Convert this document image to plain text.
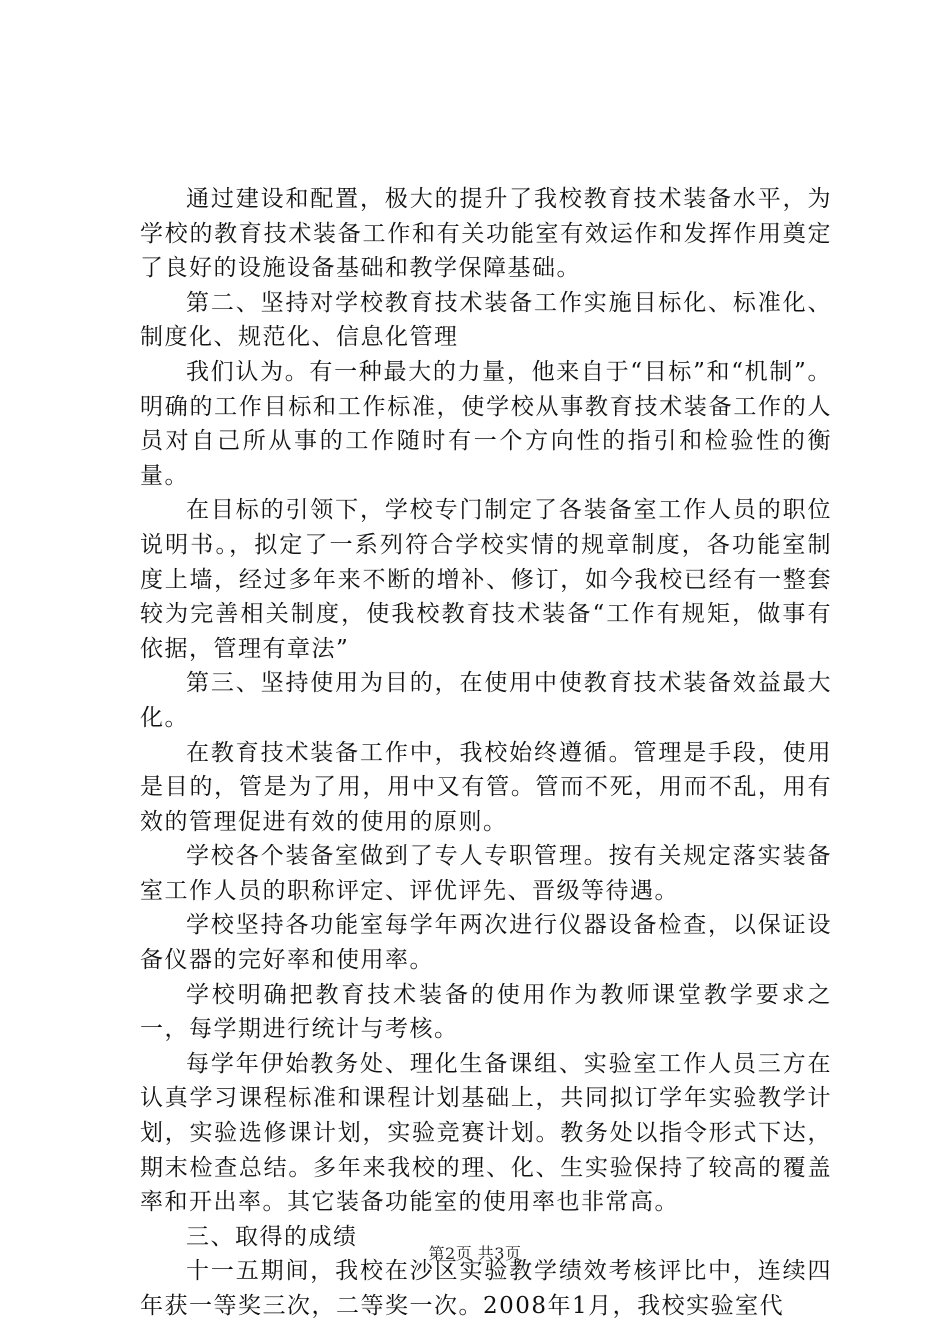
通过建设和配置，极大的提升了我校教育技术装备水平，为学校的教育技术装备工作和有关功能室有效运作和发挥作用奠定了良好的设施设备基础和教学保障基础。

第二、坚持对学校教育技术装备工作实施目标化、标准化、制度化、规范化、信息化管理

我们认为。有一种最大的力量，他来自于“目标”和“机制”。明确的工作目标和工作标准，使学校从事教育技术装备工作的人员对自己所从事的工作随时有一个方向性的指引和检验性的衡量。

在目标的引领下，学校专门制定了各装备室工作人员的职位说明书。，拟定了一系列符合学校实情的规章制度，各功能室制度上墙，经过多年来不断的增补、修订，如今我校已经有一整套较为完善相关制度，使我校教育技术装备“工作有规矩，做事有依据，管理有章法”

第三、坚持使用为目的，在使用中使教育技术装备效益最大化。

在教育技术装备工作中，我校始终遵循。管理是手段，使用是目的，管是为了用，用中又有管。管而不死，用而不乱，用有效的管理促进有效的使用的原则。

学校各个装备室做到了专人专职管理。按有关规定落实装备室工作人员的职称评定、评优评先、晋级等待遇。

学校坚持各功能室每学年两次进行仪器设备检查，以保证设备仪器的完好率和使用率。

学校明确把教育技术装备的使用作为教师课堂教学要求之一，每学期进行统计与考核。

每学年伊始教务处、理化生备课组、实验室工作人员三方在认真学习课程标准和课程计划基础上，共同拟订学年实验教学计划，实验选修课计划，实验竞赛计划。教务处以指令形式下达，期末检查总结。多年来我校的理、化、生实验保持了较高的覆盖率和开出率。其它装备功能室的使用率也非常高。

三、取得的成绩

十一五期间，我校在沙区实验教学绩效考核评比中，连续四年获一等奖三次，二等奖一次。2008年1月，我校实验室代

第2页 共3页
